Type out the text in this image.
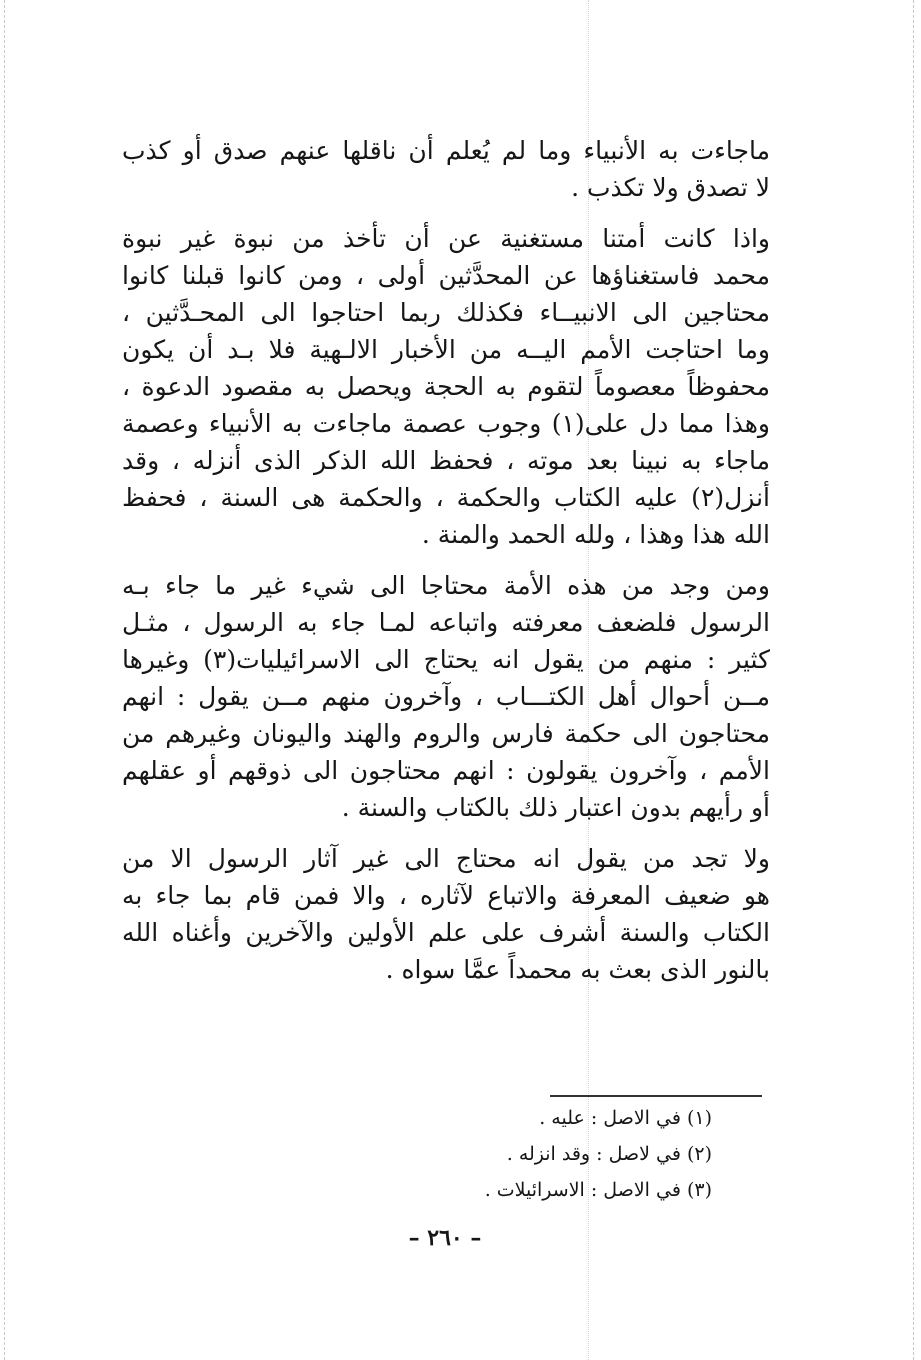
ماجاءت به الأنبياء وما لم يُعلم أن ناقلها عنهم صدق أو كذب
لا تصدق ولا تكذب .
واذا كانت أمتنا مستغنية عن أن تأخذ من نبوة غير نبوة
محمد فاستغناؤها عن المحدَّثين أولى ، ومن كانوا قبلنا كانوا
محتاجين الى الانبيــاء فكذلك ربما احتاجوا الى المحـدَّثين ،
وما احتاجت الأمم اليــه من الأخبار الالـهية فلا بـد أن يكون
محفوظاً معصوماً لتقوم به الحجة ويحصل به مقصود الدعوة ،
وهذا مما دل على(١) وجوب عصمة ماجاءت به الأنبياء وعصمة
ماجاء به نبينا بعد موته ، فحفظ الله الذكر الذى أنزله ، وقد
أنزل(٢) عليه الكتاب والحكمة ، والحكمة هى السنة ، فحفظ
الله هذا وهذا ، ولله الحمد والمنة .
ومن وجد من هذه الأمة محتاجا الى شيء غير ما جاء بـه
الرسول فلضعف معرفته واتباعه لمـا جاء به الرسول ، مثـل
كثير : منهم من يقول انه يحتاج الى الاسرائيليات(٣) وغيرها
مــن أحوال أهل الكتـــاب ، وآخرون منهم مــن يقول : انهم
محتاجون الى حكمة فارس والروم والهند واليونان وغيرهم من
الأمم ، وآخرون يقولون : انهم محتاجون الى ذوقهم أو عقلهم
أو رأيهم بدون اعتبار ذلك بالكتاب والسنة .
ولا تجد من يقول انه محتاج الى غير آثار الرسول الا من
هو ضعيف المعرفة والاتباع لآثاره ، والا فمن قام بما جاء به
الكتاب والسنة أشرف على علم الأولين والآخرين وأغناه الله
بالنور الذى بعث به محمداً عمَّا سواه .
(١) في الاصل : عليه .
(٢) في لاصل : وقد انزله .
(٣) في الاصل : الاسرائيلات .
– ٢٦٠ –
